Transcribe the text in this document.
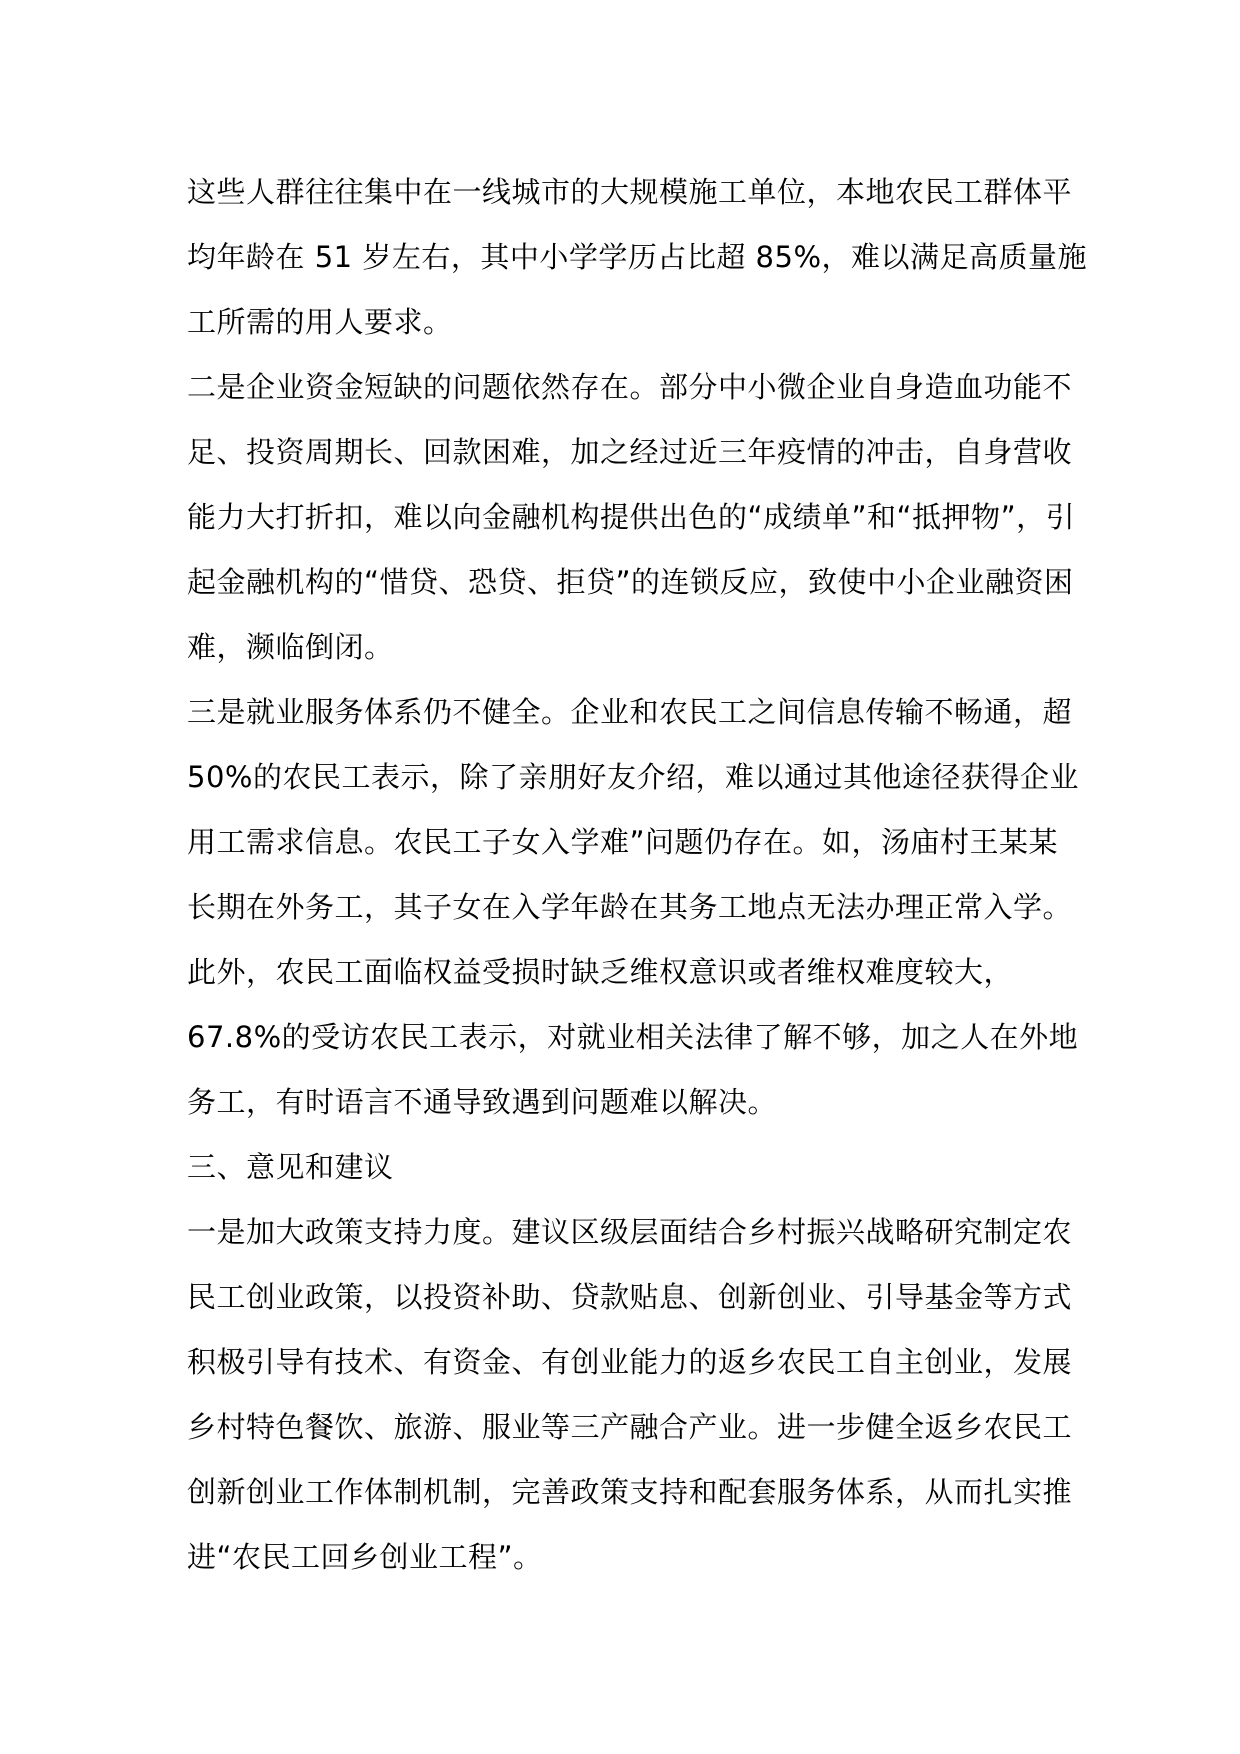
这些人群往往集中在一线城市的大规模施工单位，本地农民工群体平均年龄在 51 岁左右，其中小学学历占比超 85%，难以满足高质量施工所需的用人要求。

二是企业资金短缺的问题依然存在。部分中小微企业自身造血功能不足、投资周期长、回款困难，加之经过近三年疫情的冲击，自身营收能力大打折扣，难以向金融机构提供出色的“成绩单”和“抵押物”，引起金融机构的“惜贷、恐贷、拒贷”的连锁反应，致使中小企业融资困难，濒临倒闭。

三是就业服务体系仍不健全。企业和农民工之间信息传输不畅通，超 50%的农民工表示，除了亲朋好友介绍，难以通过其他途径获得企业用工需求信息。农民工子女入学难”问题仍存在。如，汤庙村王某某长期在外务工，其子女在入学年龄在其务工地点无法办理正常入学。此外，农民工面临权益受损时缺乏维权意识或者维权难度较大，67.8%的受访农民工表示，对就业相关法律了解不够，加之人在外地务工，有时语言不通导致遇到问题难以解决。

三、意见和建议

一是加大政策支持力度。建议区级层面结合乡村振兴战略研究制定农民工创业政策，以投资补助、贷款贴息、创新创业、引导基金等方式积极引导有技术、有资金、有创业能力的返乡农民工自主创业，发展乡村特色餐饮、旅游、服业等三产融合产业。进一步健全返乡农民工创新创业工作体制机制，完善政策支持和配套服务体系，从而扎实推进“农民工回乡创业工程”。
